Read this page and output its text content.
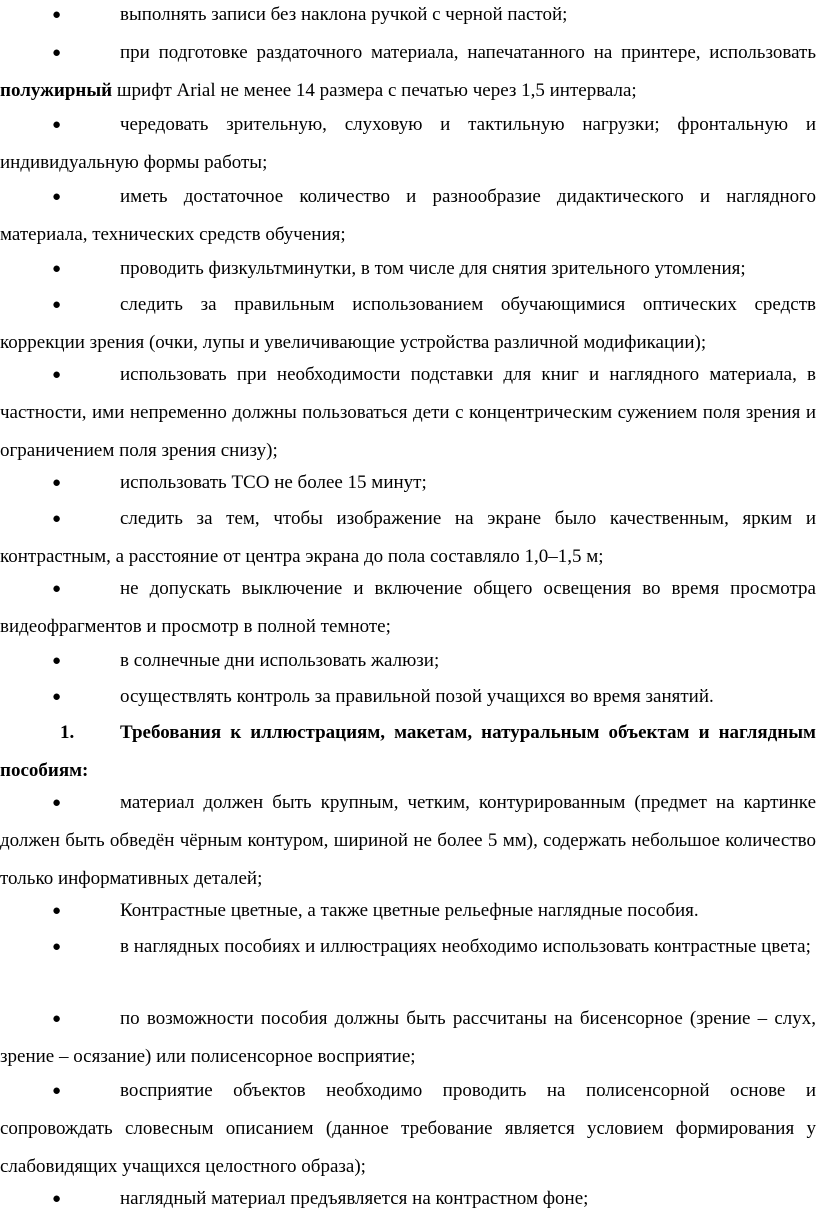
●	выполнять записи без наклона ручкой с черной пастой;
●	при подготовке раздаточного материала, напечатанного на принтере, использовать полужирный шрифт Arial не менее 14 размера с печатью через 1,5 интервала;
●	чередовать зрительную, слуховую и тактильную нагрузки; фронтальную и индивидуальную формы работы;
●	иметь достаточное количество и разнообразие дидактического и наглядного материала, технических средств обучения;
●	проводить физкультминутки, в том числе для снятия зрительного утомления;
●	следить за правильным использованием обучающимися оптических средств коррекции зрения (очки, лупы и увеличивающие устройства различной модификации);
●	использовать при необходимости подставки для книг и наглядного материала, в частности, ими непременно должны пользоваться дети с концентрическим сужением поля зрения и ограничением поля зрения снизу);
●	использовать ТСО не более 15 минут;
●	следить за тем, чтобы изображение на экране было качественным, ярким и контрастным, а расстояние от центра экрана до пола составляло 1,0–1,5 м;
●	не допускать выключение и включение общего освещения во время просмотра видеофрагментов и просмотр в полной темноте;
●	в солнечные дни использовать жалюзи;
●	осуществлять контроль за правильной позой учащихся во время занятий.
1. Требования к иллюстрациям, макетам, натуральным объектам и наглядным пособиям:
●	материал должен быть крупным, четким, контурированным (предмет на картинке должен быть обведён чёрным контуром, шириной не более 5 мм), содержать небольшое количество только информативных деталей;
●	Контрастные цветные, а также цветные рельефные наглядные пособия.
●	в наглядных пособиях и иллюстрациях необходимо использовать контрастные цвета;
●	по возможности пособия должны быть рассчитаны на бисенсорное (зрение – слух, зрение – осязание) или полисенсорное восприятие;
●	восприятие объектов необходимо проводить на полисенсорной основе и сопровождать словесным описанием (данное требование является условием формирования у слабовидящих учащихся целостного образа);
●	наглядный материал предъявляется на контрастном фоне;
